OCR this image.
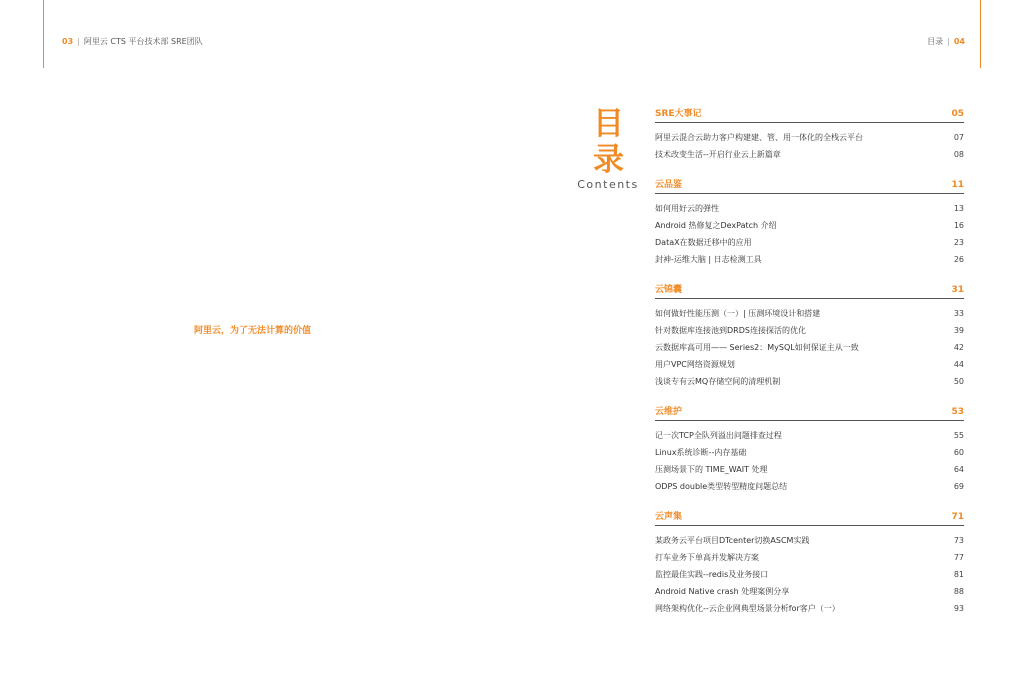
03 | 阿里云 CTS 平台技术部 SRE团队
阿里云，为了无法计算的价值
目录 | 04
目录
Contents
SRE大事记	05
阿里云混合云助力客户构建建、管、用一体化的全栈云平台	07
技术改变生活--开启行业云上新篇章	08
云品鉴	11
如何用好云的弹性	13
Android 热修复之DexPatch 介绍	16
DataX在数据迁移中的应用	23
封神-运维大脑 | 日志检测工具	26
云锦囊	31
如何做好性能压测（一）| 压测环境设计和搭建	33
针对数据库连接池到DRDS连接探活的优化	39
云数据库高可用—— Series2：MySQL如何保证主从一致	42
用户VPC网络资源规划	44
浅谈专有云MQ存储空间的清理机制	50
云维护	53
记一次TCP全队列溢出问题排查过程	55
Linux系统诊断--内存基础	60
压测场景下的 TIME_WAIT 处理	64
ODPS double类型转型精度问题总结	69
云声集	71
某政务云平台项目DTcenter切换ASCM实践	73
打车业务下单高并发解决方案	77
监控最佳实践--redis及业务接口	81
Android Native crash 处理案例分享	88
网络架构优化--云企业网典型场景分析for客户（一）	93
